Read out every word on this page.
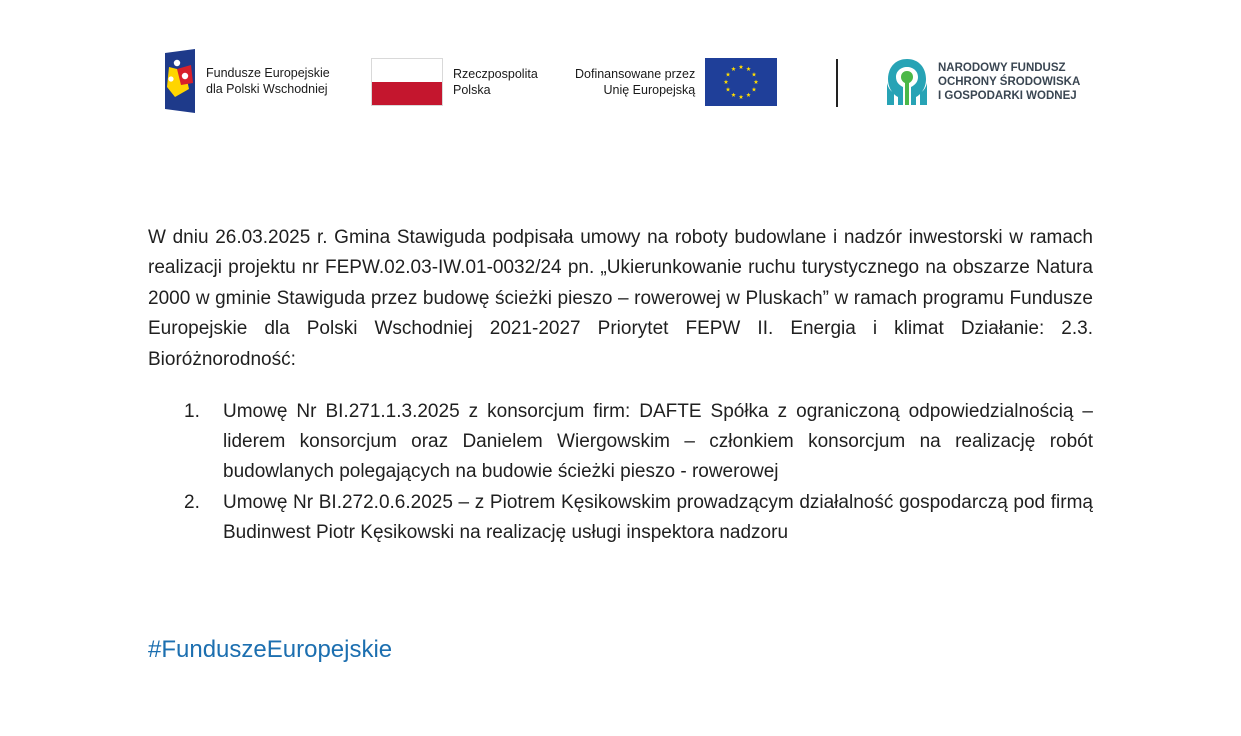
Fundusze Europejskie
dla Polski Wschodniej
Rzeczpospolita
Polska
Dofinansowane przez
Unię Europejską
NARODOWY FUNDUSZ
OCHRONY ŚRODOWISKA
I GOSPODARKI WODNEJ

W dniu 26.03.2025 r. Gmina Stawiguda podpisała umowy na roboty budowlane i nadzór inwestorski w ramach realizacji projektu nr FEPW.02.03-IW.01-0032/24 pn. „Ukierunkowanie ruchu turystycznego na obszarze Natura 2000 w gminie Stawiguda przez budowę ścieżki pieszo – rowerowej w Pluskach” w ramach programu Fundusze Europejskie dla Polski Wschodniej 2021-2027 Priorytet FEPW II. Energia i klimat Działanie: 2.3. Bioróżnorodność:

1.	Umowę Nr BI.271.1.3.2025 z konsorcjum firm: DAFTE Spółka z ograniczoną odpowiedzialnością – liderem konsorcjum oraz Danielem Wiergowskim – członkiem konsorcjum na realizację robót budowlanych polegających na budowie ścieżki pieszo - rowerowej
2.	Umowę Nr BI.272.0.6.2025 – z Piotrem Kęsikowskim prowadzącym działalność gospodarczą pod firmą Budinwest Piotr Kęsikowski na realizację usługi inspektora nadzoru
#FunduszeEuropejskie
